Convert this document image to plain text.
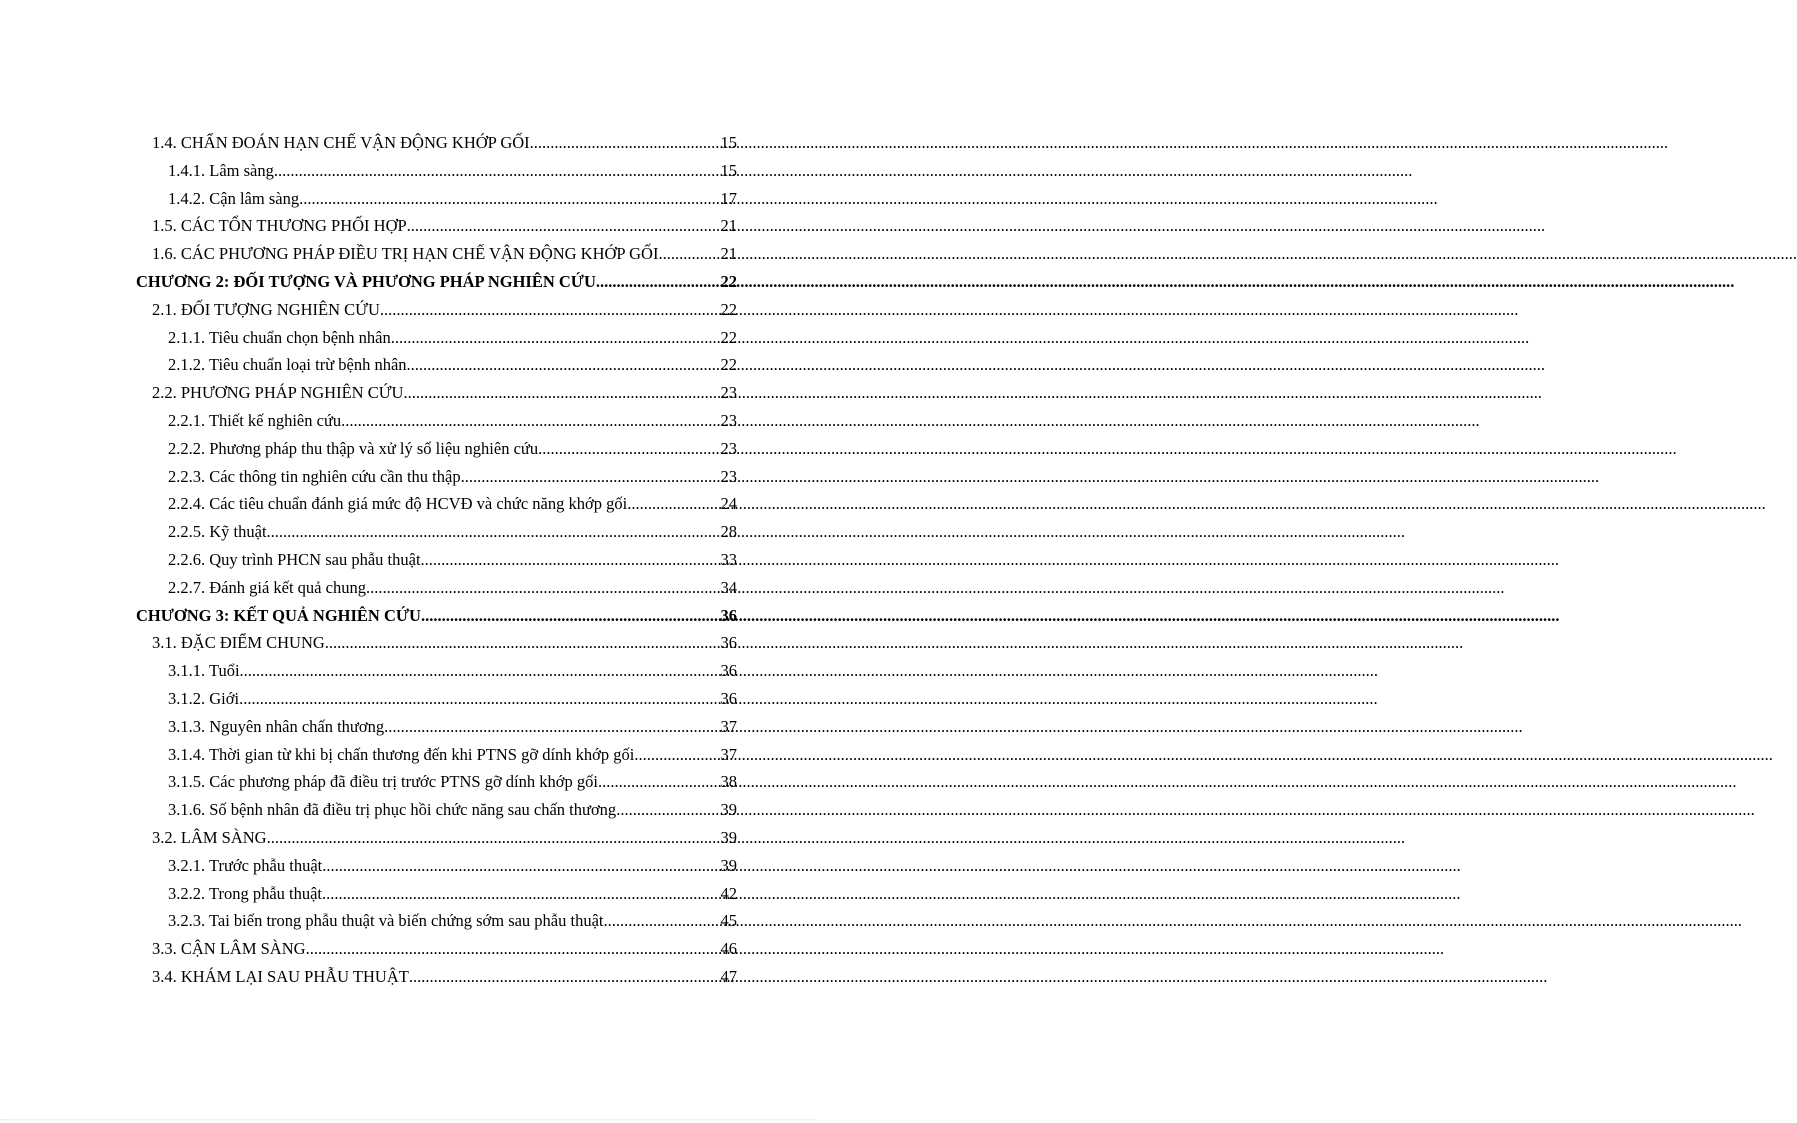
1.4. CHẨN ĐOÁN HẠN CHẾ VẬN ĐỘNG KHỚP GỐI .....	15
1.4.1. Lâm sàng .....	15
1.4.2. Cận lâm sàng .....	17
1.5. CÁC TỔN THƯƠNG PHỐI HỢP .....	21
1.6. CÁC PHƯƠNG PHÁP ĐIỀU TRỊ HẠN CHẾ VẬN ĐỘNG KHỚP GỐI .....	21
CHƯƠNG 2: ĐỐI TƯỢNG VÀ PHƯƠNG PHÁP NGHIÊN CỨU .....	22
2.1. ĐỐI TƯỢNG NGHIÊN CỨU .....	22
2.1.1. Tiêu chuẩn chọn bệnh nhân .....	22
2.1.2. Tiêu chuẩn loại trừ bệnh nhân .....	22
2.2. PHƯƠNG PHÁP NGHIÊN CỨU .....	23
2.2.1. Thiết kế nghiên cứu .....	23
2.2.2. Phương pháp thu thập và xử lý số liệu nghiên cứu .....	23
2.2.3. Các thông tin nghiên cứu cần thu thập .....	23
2.2.4. Các tiêu chuẩn đánh giá mức độ HCVĐ và chức năng khớp gối .....	24
2.2.5. Kỹ thuật .....	28
2.2.6. Quy trình PHCN sau phẫu thuật .....	33
2.2.7. Đánh giá kết quả chung .....	34
CHƯƠNG 3: KẾT QUẢ NGHIÊN CỨU .....	36
3.1. ĐẶC ĐIỂM CHUNG .....	36
3.1.1. Tuổi .....	36
3.1.2. Giới .....	36
3.1.3. Nguyên nhân chấn thương .....	37
3.1.4. Thời gian từ khi bị chấn thương đến khi PTNS gỡ dính khớp gối .....	37
3.1.5. Các phương pháp đã điều trị trước PTNS gỡ dính khớp gối .....	38
3.1.6. Số bệnh nhân đã điều trị phục hồi chức năng sau chấn thương .....	39
3.2. LÂM SÀNG .....	39
3.2.1. Trước phẫu thuật .....	39
3.2.2. Trong phẫu thuật .....	42
3.2.3. Tai biến trong phẫu thuật và biến chứng sớm sau phẫu thuật .....	45
3.3. CẬN LÂM SÀNG .....	46
3.4. KHÁM LẠI SAU PHẪU THUẬT .....	47
